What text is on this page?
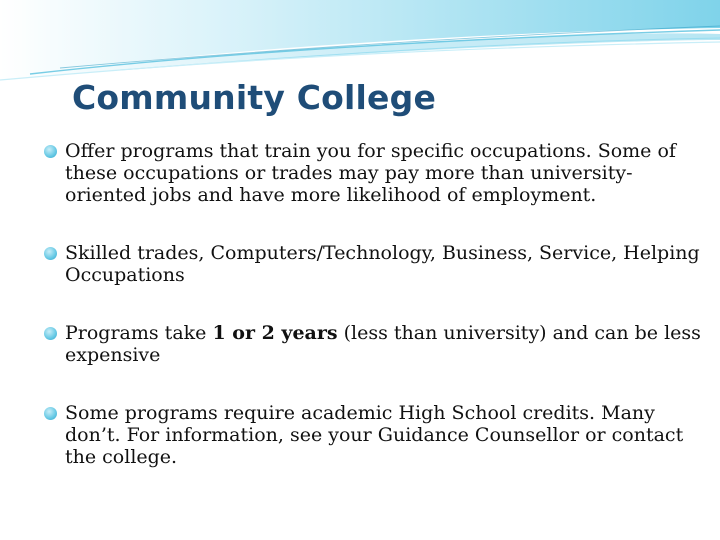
Community College
Offer programs that train you for specific occupations. Some of these occupations or trades may pay more than university-oriented jobs and have more likelihood of employment.
Skilled trades, Computers/Technology, Business, Service, Helping Occupations
Programs take 1 or 2 years (less than university) and can be less expensive
Some programs require academic High School credits. Many don’t. For information, see your Guidance Counsellor or contact the college.
